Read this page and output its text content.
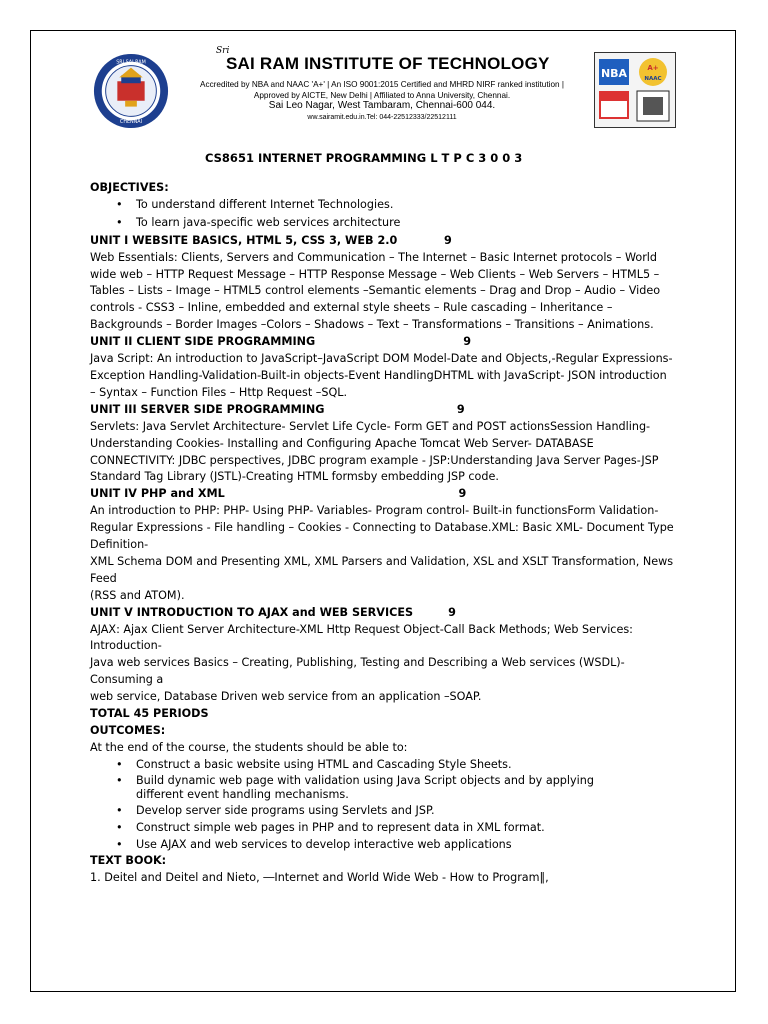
SRI SAI RAM
CHENNAI
Sri
SAI RAM INSTITUTE OF TECHNOLOGY
Accredited by NBA and NAAC 'A+' | An ISO 9001:2015 Certified and MHRD NIRF ranked institution |
Approved by AICTE, New Delhi | Affiliated to Anna University, Chennai.
Sai Leo Nagar, West Tambaram, Chennai-600 044.
ww.sairamit.edu.in.Tel: 044-22512333/22512111
NBA	A+
NAAC
CS8651 INTERNET PROGRAMMING L T P C 3 0 0 3

OBJECTIVES:

• To understand different Internet Technologies.
• To learn java-specific web services architecture

UNIT I WEBSITE BASICS, HTML 5, CSS 3, WEB 2.0            9

Web Essentials: Clients, Servers and Communication – The Internet – Basic Internet protocols – World

wide web – HTTP Request Message – HTTP Response Message – Web Clients – Web Servers – HTML5 –

Tables – Lists – Image – HTML5 control elements –Semantic elements – Drag and Drop – Audio – Video

controls - CSS3 – Inline, embedded and external style sheets – Rule cascading – Inheritance –

Backgrounds – Border Images –Colors – Shadows – Text – Transformations – Transitions – Animations.

UNIT II CLIENT SIDE PROGRAMMING                                      9

Java Script: An introduction to JavaScript–JavaScript DOM Model-Date and Objects,-Regular Expressions-

Exception Handling-Validation-Built-in objects-Event HandlingDHTML with JavaScript- JSON introduction

– Syntax – Function Files – Http Request –SQL.

UNIT III SERVER SIDE PROGRAMMING                                  9

Servlets: Java Servlet Architecture- Servlet Life Cycle- Form GET and POST actionsSession Handling-

Understanding Cookies- Installing and Configuring Apache Tomcat Web Server- DATABASE

CONNECTIVITY: JDBC perspectives, JDBC program example - JSP:Understanding Java Server Pages-JSP

Standard Tag Library (JSTL)-Creating HTML formsby embedding JSP code.

UNIT IV PHP and XML                                                            9

An introduction to PHP: PHP- Using PHP- Variables- Program control- Built-in functionsForm Validation-

Regular Expressions - File handling – Cookies - Connecting to Database.XML: Basic XML- Document Type

Definition-

XML Schema DOM and Presenting XML, XML Parsers and Validation, XSL and XSLT Transformation, News

Feed

(RSS and ATOM).

UNIT V INTRODUCTION TO AJAX and WEB SERVICES         9

AJAX: Ajax Client Server Architecture-XML Http Request Object-Call Back Methods; Web Services:

Introduction-

Java web services Basics – Creating, Publishing, Testing and Describing a Web services (WSDL)-

Consuming a

web service, Database Driven web service from an application –SOAP.

TOTAL 45 PERIODS

OUTCOMES:

At the end of the course, the students should be able to:

• Construct a basic website using HTML and Cascading Style Sheets.
• Build dynamic web page with validation using Java Script objects and by applying
different event handling mechanisms.
• Develop server side programs using Servlets and JSP.
• Construct simple web pages in PHP and to represent data in XML format.
• Use AJAX and web services to develop interactive web applications

TEXT BOOK:

1. Deitel and Deitel and Nieto, ―Internet and World Wide Web - How to Program‖,
